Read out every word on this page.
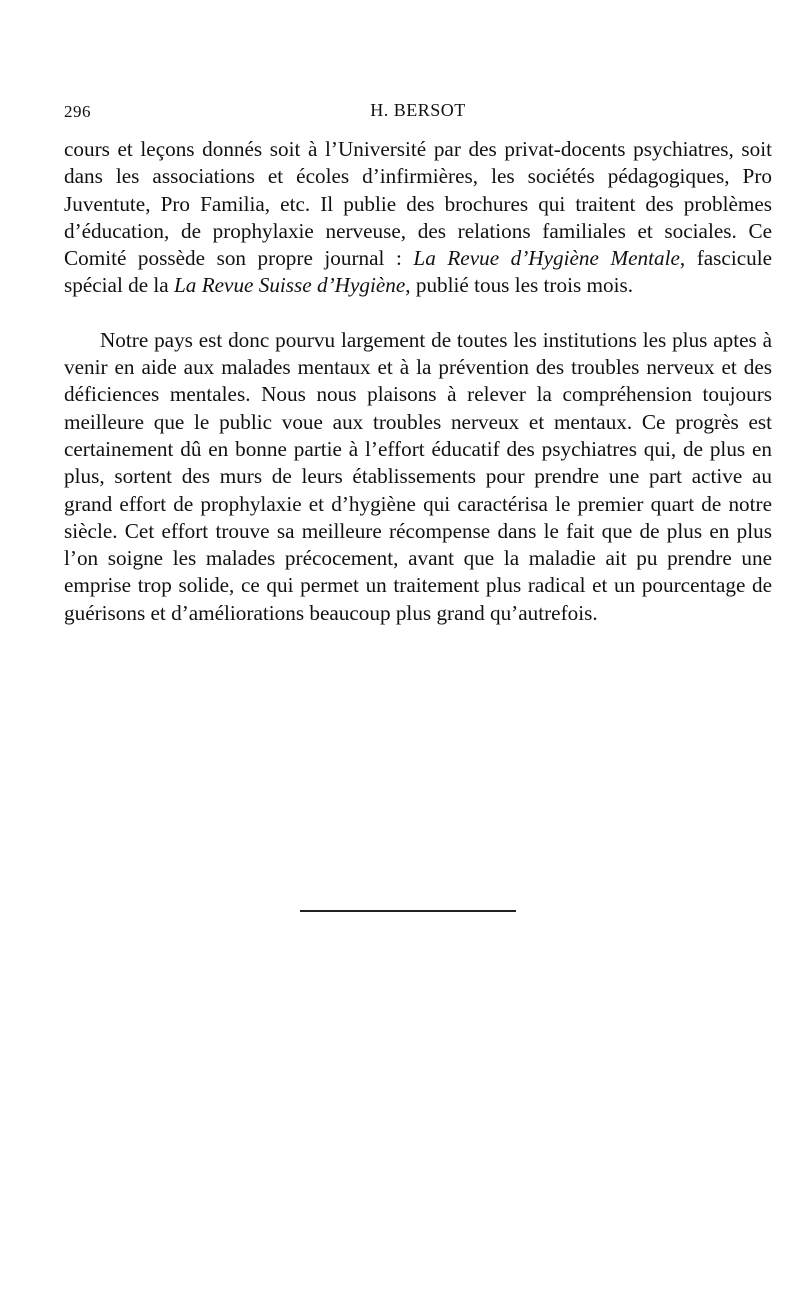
296	H. BERSOT

cours et leçons donnés soit à l’Université par des privat-docents psychiatres, soit dans les associations et écoles d’infirmières, les sociétés pédagogiques, Pro Juventute, Pro Familia, etc. Il publie des brochures qui traitent des problèmes d’éducation, de prophylaxie nerveuse, des relations familiales et sociales. Ce Comité possède son propre journal : La Revue d’Hygiène Mentale, fascicule spécial de la La Revue Suisse d’Hygiène, publié tous les trois mois.

Notre pays est donc pourvu largement de toutes les institutions les plus aptes à venir en aide aux malades mentaux et à la prévention des troubles nerveux et des déficiences mentales. Nous nous plaisons à relever la compréhension toujours meilleure que le public voue aux troubles nerveux et mentaux. Ce progrès est certainement dû en bonne partie à l’effort éducatif des psychiatres qui, de plus en plus, sortent des murs de leurs établissements pour prendre une part active au grand effort de prophylaxie et d’hygiène qui caractérisa le premier quart de notre siècle. Cet effort trouve sa meilleure récompense dans le fait que de plus en plus l’on soigne les malades précocement, avant que la maladie ait pu prendre une emprise trop solide, ce qui permet un traitement plus radical et un pourcentage de guérisons et d’améliorations beaucoup plus grand qu’autrefois.
